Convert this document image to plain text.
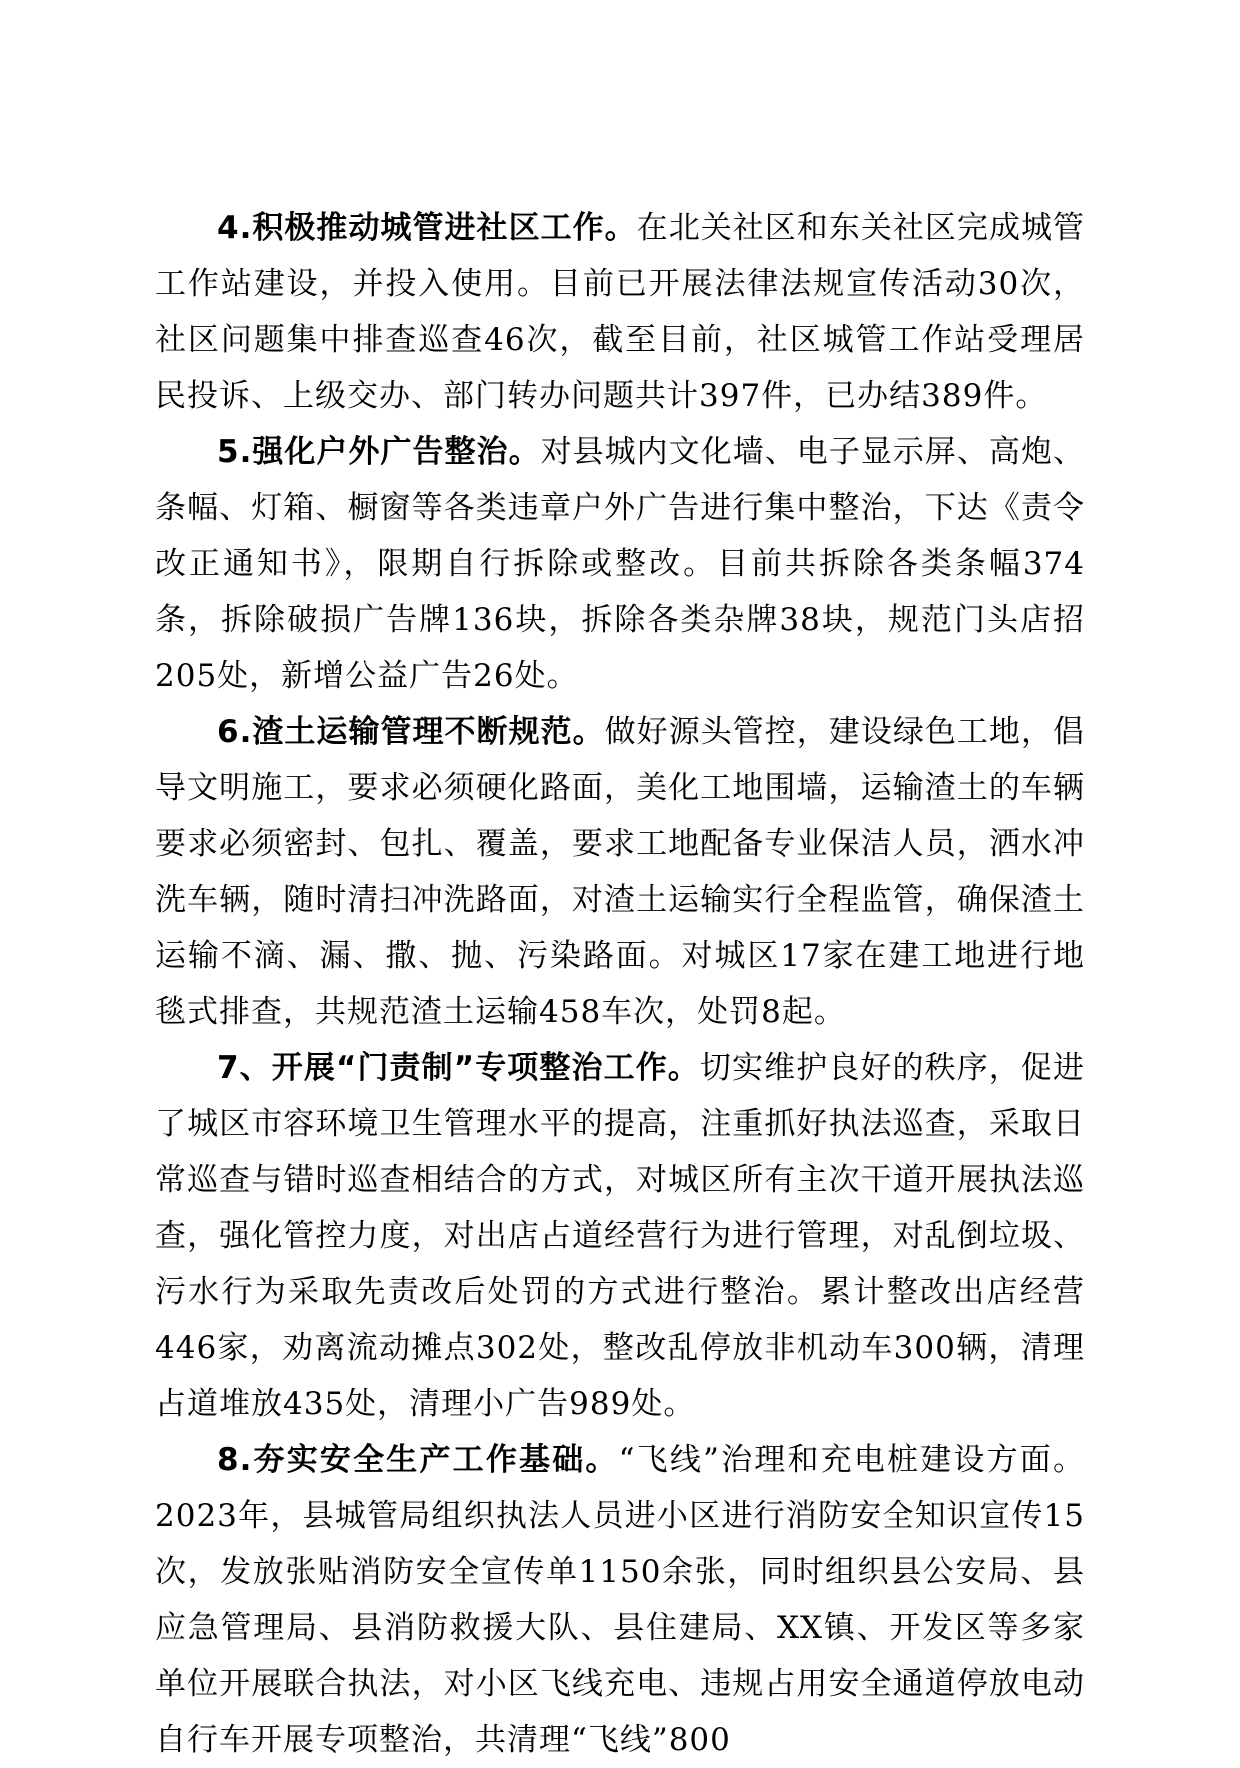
4.积极推动城管进社区工作。在北关社区和东关社区完成城管工作站建设，并投入使用。目前已开展法律法规宣传活动30次，社区问题集中排查巡查46次，截至目前，社区城管工作站受理居民投诉、上级交办、部门转办问题共计397件，已办结389件。

5.强化户外广告整治。对县城内文化墙、电子显示屏、高炮、条幅、灯箱、橱窗等各类违章户外广告进行集中整治，下达《责令改正通知书》，限期自行拆除或整改。目前共拆除各类条幅374条，拆除破损广告牌136块，拆除各类杂牌38块，规范门头店招205处，新增公益广告26处。

6.渣土运输管理不断规范。做好源头管控，建设绿色工地，倡导文明施工，要求必须硬化路面，美化工地围墙，运输渣土的车辆要求必须密封、包扎、覆盖，要求工地配备专业保洁人员，洒水冲洗车辆，随时清扫冲洗路面，对渣土运输实行全程监管，确保渣土运输不滴、漏、撒、抛、污染路面。对城区17家在建工地进行地毯式排查，共规范渣土运输458车次，处罚8起。

7、开展“门责制”专项整治工作。切实维护良好的秩序，促进了城区市容环境卫生管理水平的提高，注重抓好执法巡查，采取日常巡查与错时巡查相结合的方式，对城区所有主次干道开展执法巡查，强化管控力度，对出店占道经营行为进行管理，对乱倒垃圾、污水行为采取先责改后处罚的方式进行整治。累计整改出店经营446家，劝离流动摊点302处，整改乱停放非机动车300辆，清理占道堆放435处，清理小广告989处。

8.夯实安全生产工作基础。“飞线”治理和充电桩建设方面。2023年，县城管局组织执法人员进小区进行消防安全知识宣传15次，发放张贴消防安全宣传单1150余张，同时组织县公安局、县应急管理局、县消防救援大队、县住建局、XX镇、开发区等多家单位开展联合执法，对小区飞线充电、违规占用安全通道停放电动自行车开展专项整治，共清理“飞线”800
